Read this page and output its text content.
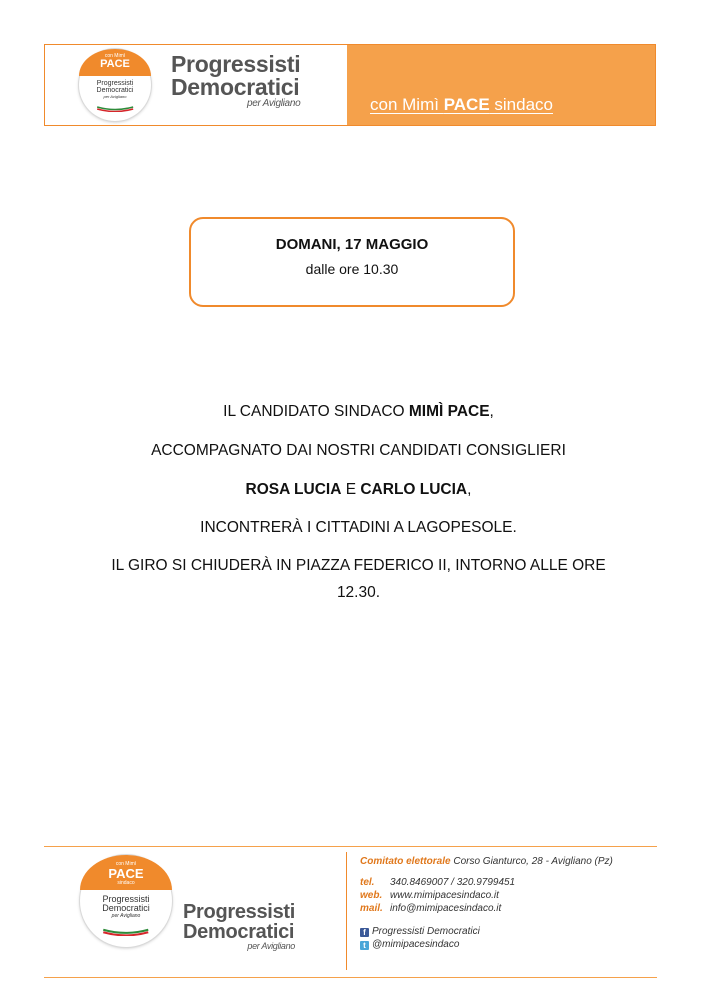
con Mimì
PACE
Progressisti
Democratici
per Avigliano
Progressisti
Democratici
per Avigliano	con Mimì PACE sindaco
DOMANI, 17 MAGGIO
dalle ore 10.30
IL CANDIDATO SINDACO MIMÌ PACE,
ACCOMPAGNATO DAI NOSTRI CANDIDATI CONSIGLIERI
ROSA LUCIA E CARLO LUCIA,
INCONTRERÀ I CITTADINI A LAGOPESOLE.
IL GIRO SI CHIUDERÀ IN PIAZZA FEDERICO II, INTORNO ALLE ORE
12.30.
con Mimì
PACE
sindaco
Progressisti
Democratici
per Avigliano	Progressisti
Democratici
per Avigliano
Comitato elettorale Corso Gianturco, 28 - Avigliano (Pz)
tel. 340.8469007 / 320.9799451
web. www.mimipacesindaco.it
mail. info@mimipacesindaco.it
f Progressisti Democratici
t @mimipacesindaco
